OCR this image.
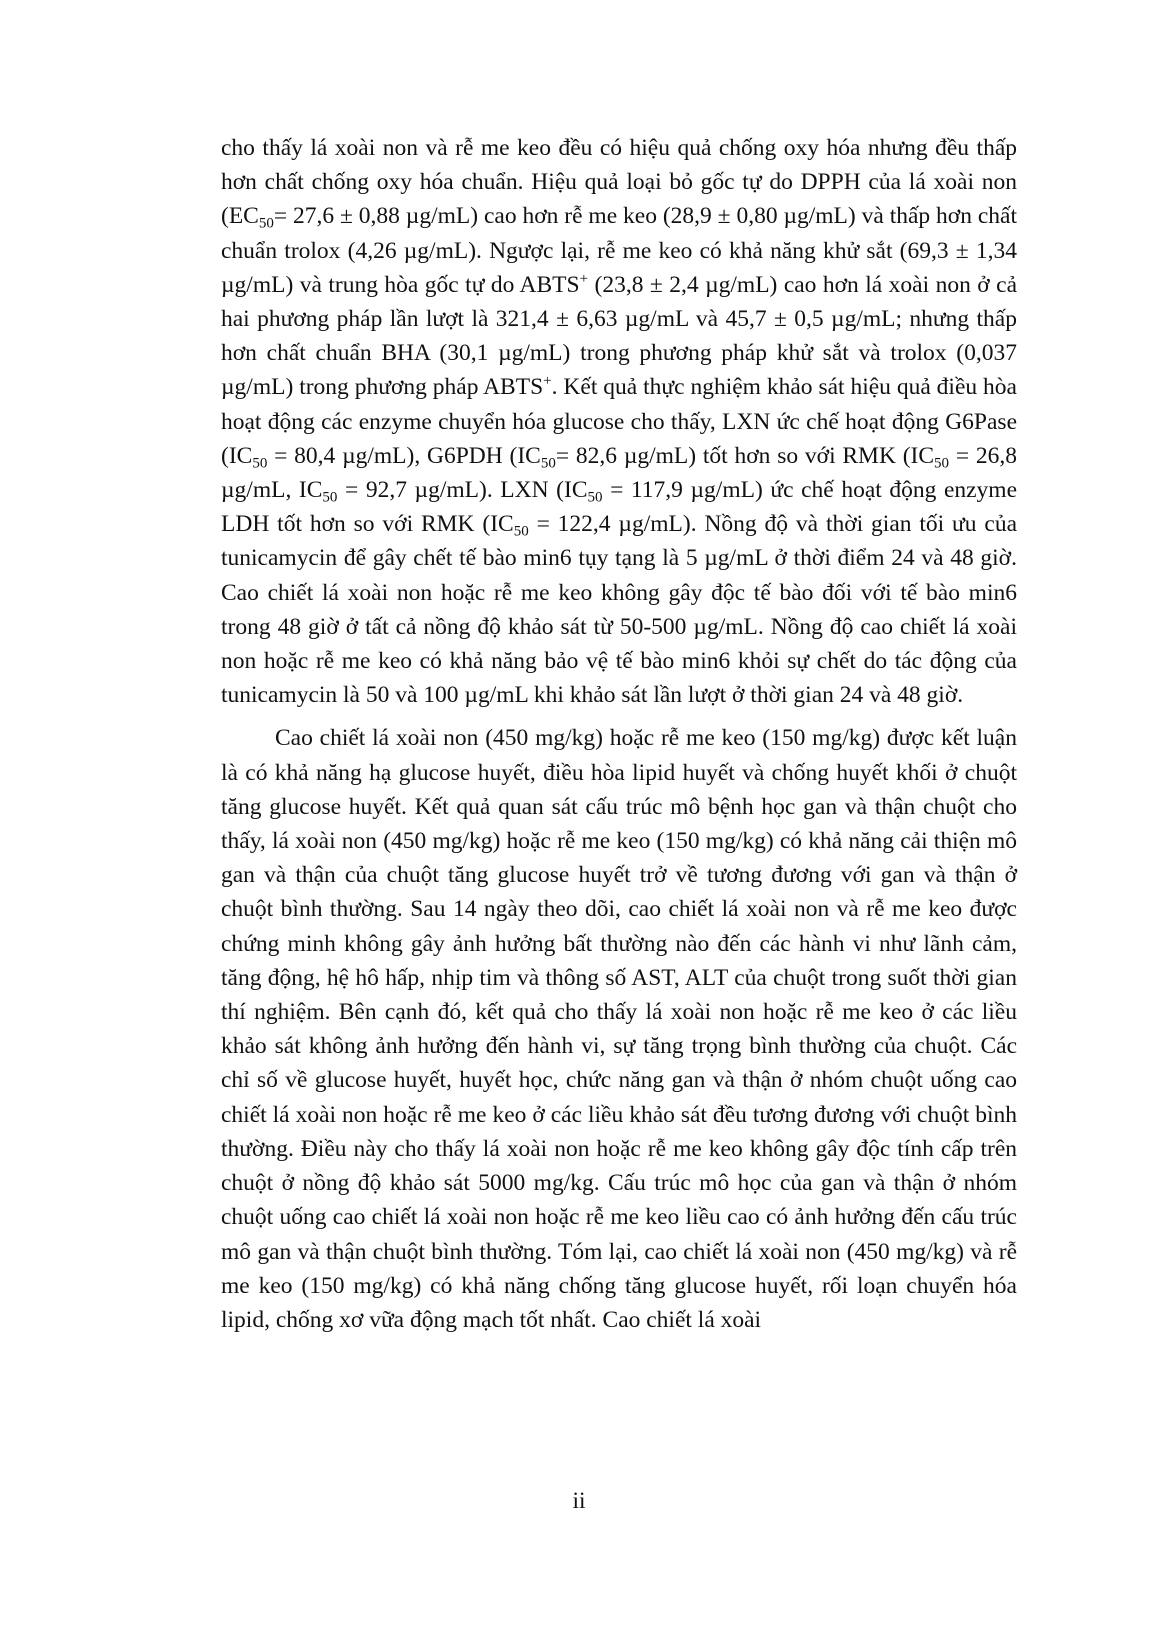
cho thấy lá xoài non và rễ me keo đều có hiệu quả chống oxy hóa nhưng đều thấp hơn chất chống oxy hóa chuẩn. Hiệu quả loại bỏ gốc tự do DPPH của lá xoài non ($EC_{50}= 27,6 \pm 0,88$ µg/mL) cao hơn rễ me keo (28,9 ± 0,80 µg/mL) và thấp hơn chất chuẩn trolox (4,26 µg/mL). Ngược lại, rễ me keo có khả năng khử sắt (69,3 ± 1,34 µg/mL) và trung hòa gốc tự do ABTS+ (23,8 ± 2,4 µg/mL) cao hơn lá xoài non ở cả hai phương pháp lần lượt là 321,4 ± 6,63 µg/mL và 45,7 ± 0,5 µg/mL; nhưng thấp hơn chất chuẩn BHA (30,1 µg/mL) trong phương pháp khử sắt và trolox (0,037 µg/mL) trong phương pháp ABTS+. Kết quả thực nghiệm khảo sát hiệu quả điều hòa hoạt động các enzyme chuyển hóa glucose cho thấy, LXN ức chế hoạt động G6Pase ($IC_{50} = 80,4$ µg/mL), G6PDH ($IC_{50}= 82,6$ µg/mL) tốt hơn so với RMK ($IC_{50} = 26,8$ µg/mL, $IC_{50} = 92,7$ µg/mL). LXN ($IC_{50} = 117,9$ µg/mL) ức chế hoạt động enzyme LDH tốt hơn so với RMK ($IC_{50} = 122,4$ µg/mL). Nồng độ và thời gian tối ưu của tunicamycin để gây chết tế bào min6 tụy tạng là 5 µg/mL ở thời điểm 24 và 48 giờ. Cao chiết lá xoài non hoặc rễ me keo không gây độc tế bào đối với tế bào min6 trong 48 giờ ở tất cả nồng độ khảo sát từ 50-500 µg/mL. Nồng độ cao chiết lá xoài non hoặc rễ me keo có khả năng bảo vệ tế bào min6 khỏi sự chết do tác động của tunicamycin là 50 và 100 µg/mL khi khảo sát lần lượt ở thời gian 24 và 48 giờ.

Cao chiết lá xoài non (450 mg/kg) hoặc rễ me keo (150 mg/kg) được kết luận là có khả năng hạ glucose huyết, điều hòa lipid huyết và chống huyết khối ở chuột tăng glucose huyết. Kết quả quan sát cấu trúc mô bệnh học gan và thận chuột cho thấy, lá xoài non (450 mg/kg) hoặc rễ me keo (150 mg/kg) có khả năng cải thiện mô gan và thận của chuột tăng glucose huyết trở về tương đương với gan và thận ở chuột bình thường. Sau 14 ngày theo dõi, cao chiết lá xoài non và rễ me keo được chứng minh không gây ảnh hưởng bất thường nào đến các hành vi như lãnh cảm, tăng động, hệ hô hấp, nhịp tim và thông số AST, ALT của chuột trong suốt thời gian thí nghiệm. Bên cạnh đó, kết quả cho thấy lá xoài non hoặc rễ me keo ở các liều khảo sát không ảnh hưởng đến hành vi, sự tăng trọng bình thường của chuột. Các chỉ số về glucose huyết, huyết học, chức năng gan và thận ở nhóm chuột uống cao chiết lá xoài non hoặc rễ me keo ở các liều khảo sát đều tương đương với chuột bình thường. Điều này cho thấy lá xoài non hoặc rễ me keo không gây độc tính cấp trên chuột ở nồng độ khảo sát 5000 mg/kg. Cấu trúc mô học của gan và thận ở nhóm chuột uống cao chiết lá xoài non hoặc rễ me keo liều cao có ảnh hưởng đến cấu trúc mô gan và thận chuột bình thường. Tóm lại, cao chiết lá xoài non (450 mg/kg) và rễ me keo (150 mg/kg) có khả năng chống tăng glucose huyết, rối loạn chuyển hóa lipid, chống xơ vữa động mạch tốt nhất. Cao chiết lá xoài

ii
